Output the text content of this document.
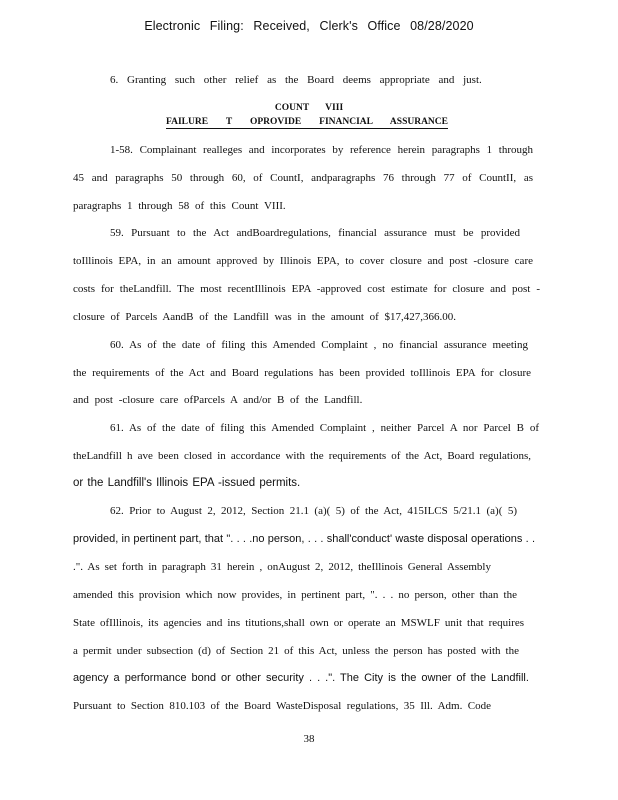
Electronic Filing: Received, Clerk's Office 08/28/2020
6. Granting such other relief as the Board deems appropriate and just.
COUNT VIII
FAILURE T OPROVIDE FINANCIAL ASSURANCE
1-58. Complainant realleges and incorporates by reference herein paragraphs 1 through
45 and paragraphs 50 through 60, of CountI, andparagraphs 76 through 77 of CountII, as
paragraphs 1 through 58 of this Count VIII.
59. Pursuant to the Act andBoardregulations, financial assurance must be provided
toIllinois EPA, in an amount approved by Illinois EPA, to cover closure and post -closure care
costs for theLandfill. The most recentIllinois EPA -approved cost estimate for closure and post -
closure of Parcels AandB of the Landfill was in the amount of $17,427,366.00.
60. As of the date of filing this Amended Complaint , no financial assurance meeting
the requirements of the Act and Board regulations has been provided toIllinois EPA for closure
and post -closure care ofParcels A and/or B of the Landfill.
61. As of the date of filing this Amended Complaint , neither Parcel A nor Parcel B of
theLandfill h ave been closed in accordance with the requirements of the Act, Board regulations,
or the Landfill's Illinois EPA -issued permits.
62. Prior to August 2, 2012, Section 21.1 (a)( 5) of the Act, 415ILCS 5/21.1 (a)( 5)
provided, in pertinent part, that ". . . .no person, . . . shall'conduct' waste disposal operations . .
.". As set forth in paragraph 31 herein , onAugust 2, 2012, theIllinois General Assembly
amended this provision which now provides, in pertinent part, ". . . no person, other than the
State ofIllinois, its agencies and ins titutions,shall own or operate an MSWLF unit that requires
a permit under subsection (d) of Section 21 of this Act, unless the person has posted with the
agency a performance bond or other security . . .". The City is the owner of the Landfill.
Pursuant to Section 810.103 of the Board WasteDisposal regulations, 35 Ill. Adm. Code
38
